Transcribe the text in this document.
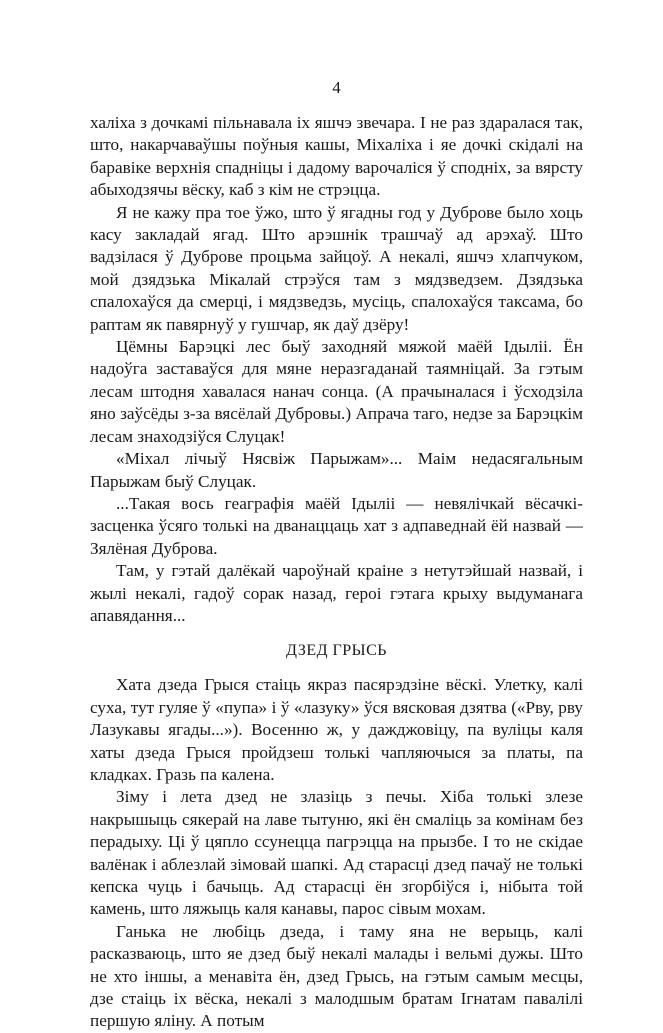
4

халіха з дочкамі пільнавала іх яшчэ звечара. І не раз здаралася так, што, накарчаваўшы поўныя кашы, Міхаліха і яе дочкі скідалі на баравіке верхнія спадніцы і дадому варочаліся ў сподніх, за вярсту абыходзячы вёску, каб з кім не стрэцца.

Я не кажу пра тое ўжо, што ў ягадны год у Дуброве было хоць касу закладай ягад. Што арэшнік трашчаў ад арэхаў. Што вадзілася ў Дуброве процьма зайцоў. А некалі, яшчэ хлапчуком, мой дзядзька Мікалай стрэўся там з мядзведзем. Дзядзька спалохаўся да смерці, і мядзведзь, мусіць, спалохаўся таксама, бо раптам як павярнуў у гушчар, як даў дзёру!

Цёмны Барэцкі лес быў заходняй мяжой маёй Ідыліі. Ён надоўга заставаўся для мяне неразгаданай таямніцай. За гэтым лесам штодня хавалася нанач сонца. (А прачыналася і ўсходзіла яно заўсёды з-за вясёлай Дубровы.) Апрача таго, недзе за Барэцкім лесам знаходзіўся Слуцак!

«Міхал лічыў Нясвіж Парыжам»... Маім недасягальным Парыжам быў Слуцак.

...Такая вось геаграфія маёй Ідыліі — невялічкай вёсачкі-засценка ўсяго толькі на дванаццаць хат з адпаведнай ёй назвай — Зялёная Дуброва.

Там, у гэтай далёкай чароўнай краіне з нетутэйшай назвай, і жылі некалі, гадоў сорак назад, героі гэтага крыху выдуманага апавядання...

ДЗЕД ГРЫСЬ

Хата дзеда Грыся стаіць якраз пасярэдзіне вёскі. Улетку, калі суха, тут гуляе ў «пупа» і ў «лазуку» ўся вясковая дзятва («Рву, рву Лазукавы ягады...»). Восенню ж, у дажджовіцу, па вуліцы каля хаты дзеда Грыся пройдзеш толькі чапляючыся за платы, па кладках. Гразь па калена.

Зіму і лета дзед не злазіць з печы. Хіба толькі злезе накрышыць сякерай на лаве тытуню, які ён смаліць за комінам без перадыху. Ці ў цяпло ссунецца пагрэцца на прызбе. І то не скідае валёнак і аблезлай зімовай шапкі. Ад старасці дзед пачаў не толькі кепска чуць і бачыць. Ад старасці ён згорбіўся і, нібыта той камень, што ляжыць каля канавы, парос сівым мохам.

Ганька не любіць дзеда, і таму яна не верыць, калі расказваюць, што яе дзед быў некалі малады і вельмі дужы. Што не хто іншы, а менавіта ён, дзед Грысь, на гэтым самым месцы, дзе стаіць іх вёска, некалі з малодшым братам Ігнатам павалілі першую яліну. А потым
